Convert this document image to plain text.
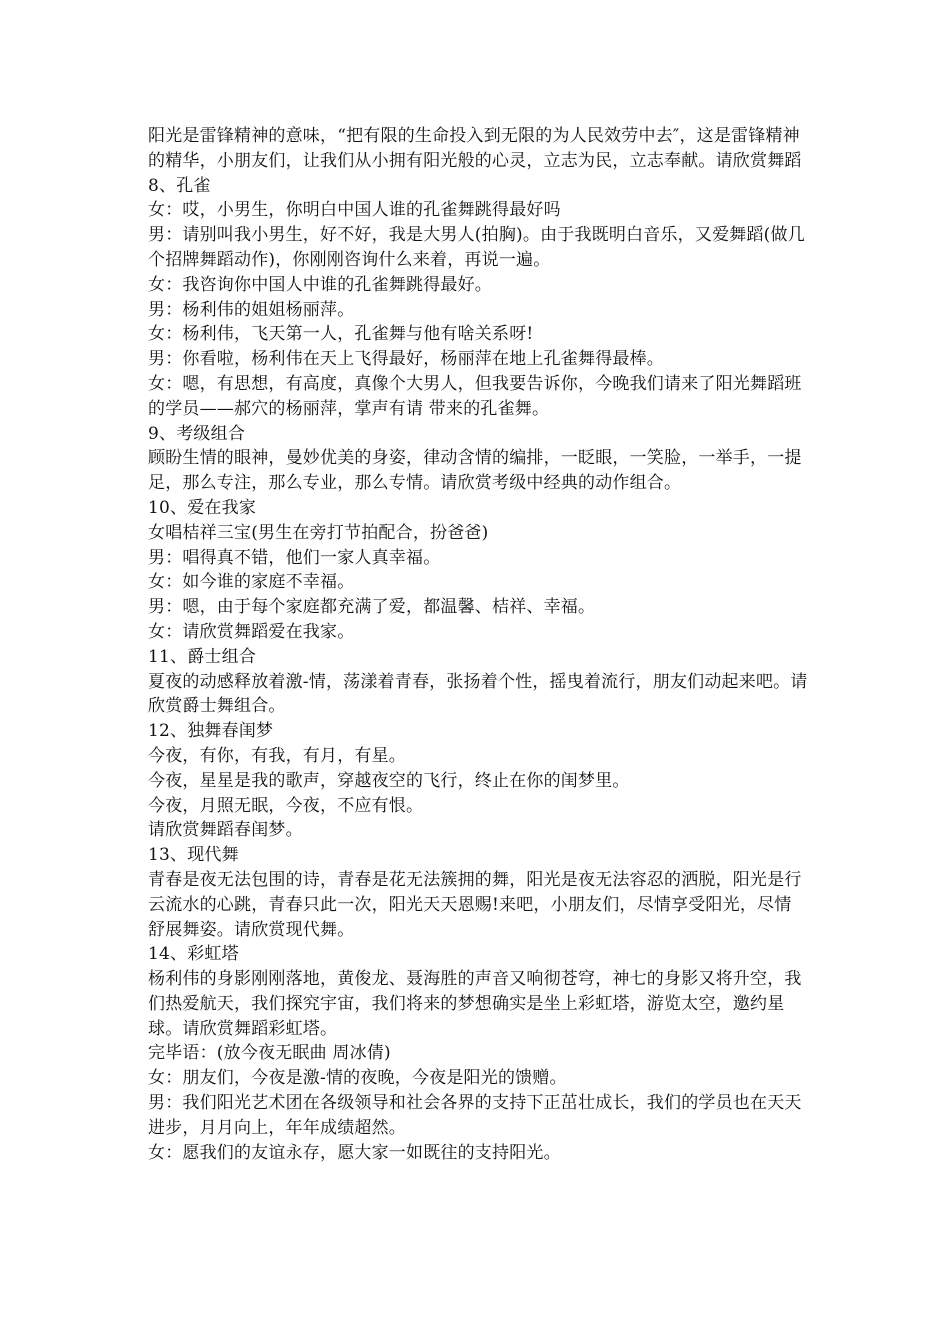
阳光是雷锋精神的意味，“把有限的生命投入到无限的为人民效劳中去″，这是雷锋精神的精华，小朋友们，让我们从小拥有阳光般的心灵，立志为民，立志奉献。请欣赏舞蹈

8、孔雀

女：哎，小男生，你明白中国人谁的孔雀舞跳得最好吗

男：请别叫我小男生，好不好，我是大男人(拍胸)。由于我既明白音乐，又爱舞蹈(做几个招牌舞蹈动作)，你刚刚咨询什么来着，再说一遍。

女：我咨询你中国人中谁的孔雀舞跳得最好。

男：杨利伟的姐姐杨丽萍。

女：杨利伟，飞天第一人，孔雀舞与他有啥关系呀!

男：你看啦，杨利伟在天上飞得最好，杨丽萍在地上孔雀舞得最棒。

女：嗯，有思想，有高度，真像个大男人，但我要告诉你，今晚我们请来了阳光舞蹈班的学员——郝穴的杨丽萍，掌声有请 带来的孔雀舞。

9、考级组合

顾盼生情的眼神，曼妙优美的身姿，律动含情的编排，一眨眼，一笑脸，一举手，一提足，那么专注，那么专业，那么专情。请欣赏考级中经典的动作组合。

10、爱在我家

女唱桔祥三宝(男生在旁打节拍配合，扮爸爸)

男：唱得真不错，他们一家人真幸福。

女：如今谁的家庭不幸福。

男：嗯，由于每个家庭都充满了爱，都温馨、桔祥、幸福。

女：请欣赏舞蹈爱在我家。

11、爵士组合

夏夜的动感释放着激-情，荡漾着青春，张扬着个性，摇曳着流行，朋友们动起来吧。请欣赏爵士舞组合。

12、独舞春闺梦

今夜，有你，有我，有月，有星。

今夜，星星是我的歌声，穿越夜空的飞行，终止在你的闺梦里。

今夜，月照无眠，今夜，不应有恨。

请欣赏舞蹈春闺梦。

13、现代舞

青春是夜无法包围的诗，青春是花无法簇拥的舞，阳光是夜无法容忍的洒脱，阳光是行云流水的心跳，青春只此一次，阳光天天恩赐!来吧，小朋友们，尽情享受阳光，尽情舒展舞姿。请欣赏现代舞。

14、彩虹塔

杨利伟的身影刚刚落地，黄俊龙、聂海胜的声音又响彻苍穹，神七的身影又将升空，我们热爱航天，我们探究宇宙，我们将来的梦想确实是坐上彩虹塔，游览太空，邀约星球。请欣赏舞蹈彩虹塔。

完毕语：(放今夜无眠曲 周冰倩)

女：朋友们，今夜是激-情的夜晚，今夜是阳光的馈赠。

男：我们阳光艺术团在各级领导和社会各界的支持下正茁壮成长，我们的学员也在天天进步，月月向上，年年成绩超然。

女：愿我们的友谊永存，愿大家一如既往的支持阳光。
